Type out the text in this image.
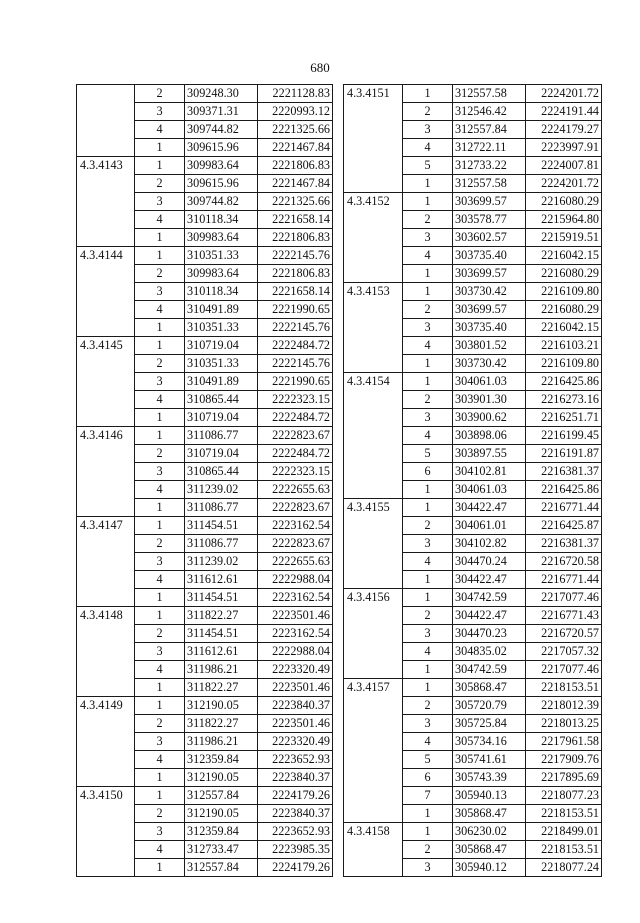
680
	2	309248.30	2221128.83
	3	309371.31	2220993.12
	4	309744.82	2221325.66
	1	309615.96	2221467.84
4.3.4143	1	309983.64	2221806.83
	2	309615.96	2221467.84
	3	309744.82	2221325.66
	4	310118.34	2221658.14
	1	309983.64	2221806.83
4.3.4144	1	310351.33	2222145.76
	2	309983.64	2221806.83
	3	310118.34	2221658.14
	4	310491.89	2221990.65
	1	310351.33	2222145.76
4.3.4145	1	310719.04	2222484.72
	2	310351.33	2222145.76
	3	310491.89	2221990.65
	4	310865.44	2222323.15
	1	310719.04	2222484.72
4.3.4146	1	311086.77	2222823.67
	2	310719.04	2222484.72
	3	310865.44	2222323.15
	4	311239.02	2222655.63
	1	311086.77	2222823.67
4.3.4147	1	311454.51	2223162.54
	2	311086.77	2222823.67
	3	311239.02	2222655.63
	4	311612.61	2222988.04
	1	311454.51	2223162.54
4.3.4148	1	311822.27	2223501.46
	2	311454.51	2223162.54
	3	311612.61	2222988.04
	4	311986.21	2223320.49
	1	311822.27	2223501.46
4.3.4149	1	312190.05	2223840.37
	2	311822.27	2223501.46
	3	311986.21	2223320.49
	4	312359.84	2223652.93
	1	312190.05	2223840.37
4.3.4150	1	312557.84	2224179.26
	2	312190.05	2223840.37
	3	312359.84	2223652.93
	4	312733.47	2223985.35
	1	312557.84	2224179.26
4.3.4151	1	312557.58	2224201.72
	2	312546.42	2224191.44
	3	312557.84	2224179.27
	4	312722.11	2223997.91
	5	312733.22	2224007.81
	1	312557.58	2224201.72
4.3.4152	1	303699.57	2216080.29
	2	303578.77	2215964.80
	3	303602.57	2215919.51
	4	303735.40	2216042.15
	1	303699.57	2216080.29
4.3.4153	1	303730.42	2216109.80
	2	303699.57	2216080.29
	3	303735.40	2216042.15
	4	303801.52	2216103.21
	1	303730.42	2216109.80
4.3.4154	1	304061.03	2216425.86
	2	303901.30	2216273.16
	3	303900.62	2216251.71
	4	303898.06	2216199.45
	5	303897.55	2216191.87
	6	304102.81	2216381.37
	1	304061.03	2216425.86
4.3.4155	1	304422.47	2216771.44
	2	304061.01	2216425.87
	3	304102.82	2216381.37
	4	304470.24	2216720.58
	1	304422.47	2216771.44
4.3.4156	1	304742.59	2217077.46
	2	304422.47	2216771.43
	3	304470.23	2216720.57
	4	304835.02	2217057.32
	1	304742.59	2217077.46
4.3.4157	1	305868.47	2218153.51
	2	305720.79	2218012.39
	3	305725.84	2218013.25
	4	305734.16	2217961.58
	5	305741.61	2217909.76
	6	305743.39	2217895.69
	7	305940.13	2218077.23
	1	305868.47	2218153.51
4.3.4158	1	306230.02	2218499.01
	2	305868.47	2218153.51
	3	305940.12	2218077.24
